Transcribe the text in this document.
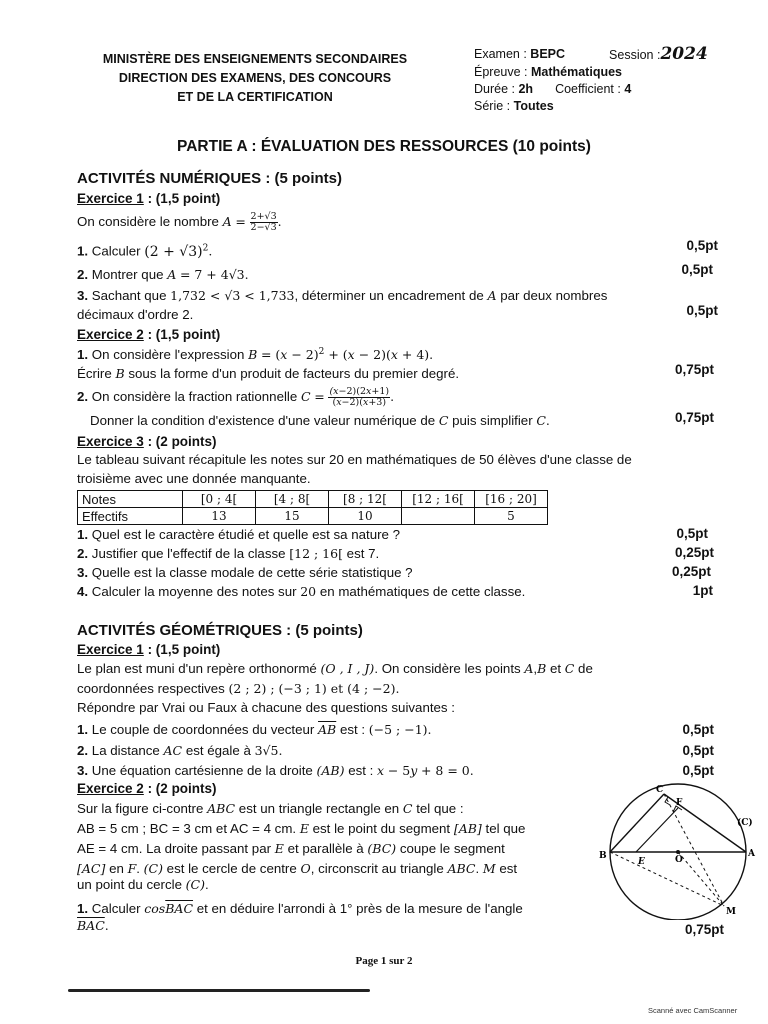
MINISTÈRE DES ENSEIGNEMENTS SECONDAIRES
DIRECTION DES EXAMENS, DES CONCOURS
ET DE LA CERTIFICATION
Examen : BEPC	Session :2024
Épreuve : Mathématiques
Durée : 2h Coefficient : 4
Série : Toutes
PARTIE A : ÉVALUATION DES RESSOURCES (10 points)
ACTIVITÉS NUMÉRIQUES : (5 points)
Exercice 1 : (1,5 point)
On considère le nombre $A = \frac{2+√3}{2-√3}$ .
1. Calculer $(2 + √3)^2$.	0,5pt
2. Montrer que A = 7 + 4√3.	0,5pt
3. Sachant que 1,732 < √3 < 1,733, déterminer un encadrement de A par deux nombres
décimaux d'ordre 2.	0,5pt
Exercice 2 : (1,5 point)
1. On considère l'expression $B = (x - 2)^2 + (x - 2)(x + 4)$.
Écrire B sous la forme d'un produit de facteurs du premier degré.	0,75pt
2. On considère la fraction rationnelle $C = \frac{(x-2)(2x+1)}{(x-2)(x+3)}$ .
Donner la condition d'existence d'une valeur numérique de C puis simplifier C.	0,75pt
Exercice 3 : (2 points)
Le tableau suivant récapitule les notes sur 20 en mathématiques de 50 élèves d'une classe de
troisième avec une donnée manquante.
Notes	[0 ; 4[	[4 ; 8[	[8 ; 12[	[12 ; 16[	[16 ; 20]
Effectifs	13	15	10		5
1. Quel est le caractère étudié et quelle est sa nature ?	0,5pt
2. Justifier que l'effectif de la classe [12 ; 16[ est 7.	0,25pt
3. Quelle est la classe modale de cette série statistique ?	0,25pt
4. Calculer la moyenne des notes sur 20 en mathématiques de cette classe.	1pt
ACTIVITÉS GÉOMÉTRIQUES : (5 points)
Exercice 1 : (1,5 point)
Le plan est muni d'un repère orthonormé (O , I , J). On considère les points A,B et C de
coordonnées respectives (2 ; 2) ; (−3 ; 1) et (4 ; −2).
Répondre par Vrai ou Faux à chacune des questions suivantes :
1. Le couple de coordonnées du vecteur $\overline{AB}$ est : (−5 ; −1).	0,5pt
2. La distance AC est égale à 3√5.	0,5pt
3. Une équation cartésienne de la droite (AB) est : x − 5y + 8 = 0.	0,5pt
Exercice 2 : (2 points)
Sur la figure ci-contre ABC est un triangle rectangle en C tel que :
AB = 5 cm ; BC = 3 cm et AC = 4 cm. E est le point du segment [AB] tel que
AE = 4 cm. La droite passant par E et parallèle à (BC) coupe le segment
[AC] en F. (C) est le cercle de centre O, circonscrit au triangle ABC. M est
un point du cercle (C).
1. Calculer $\cos\overline{BAC}$ et en déduire l'arrondi à 1° près de la mesure de l'angle
$\overline{BAC}$.	0,75pt
C
F
B
E	O
A
M
(C)
Page 1 sur 2
Scanné avec CamScanner
